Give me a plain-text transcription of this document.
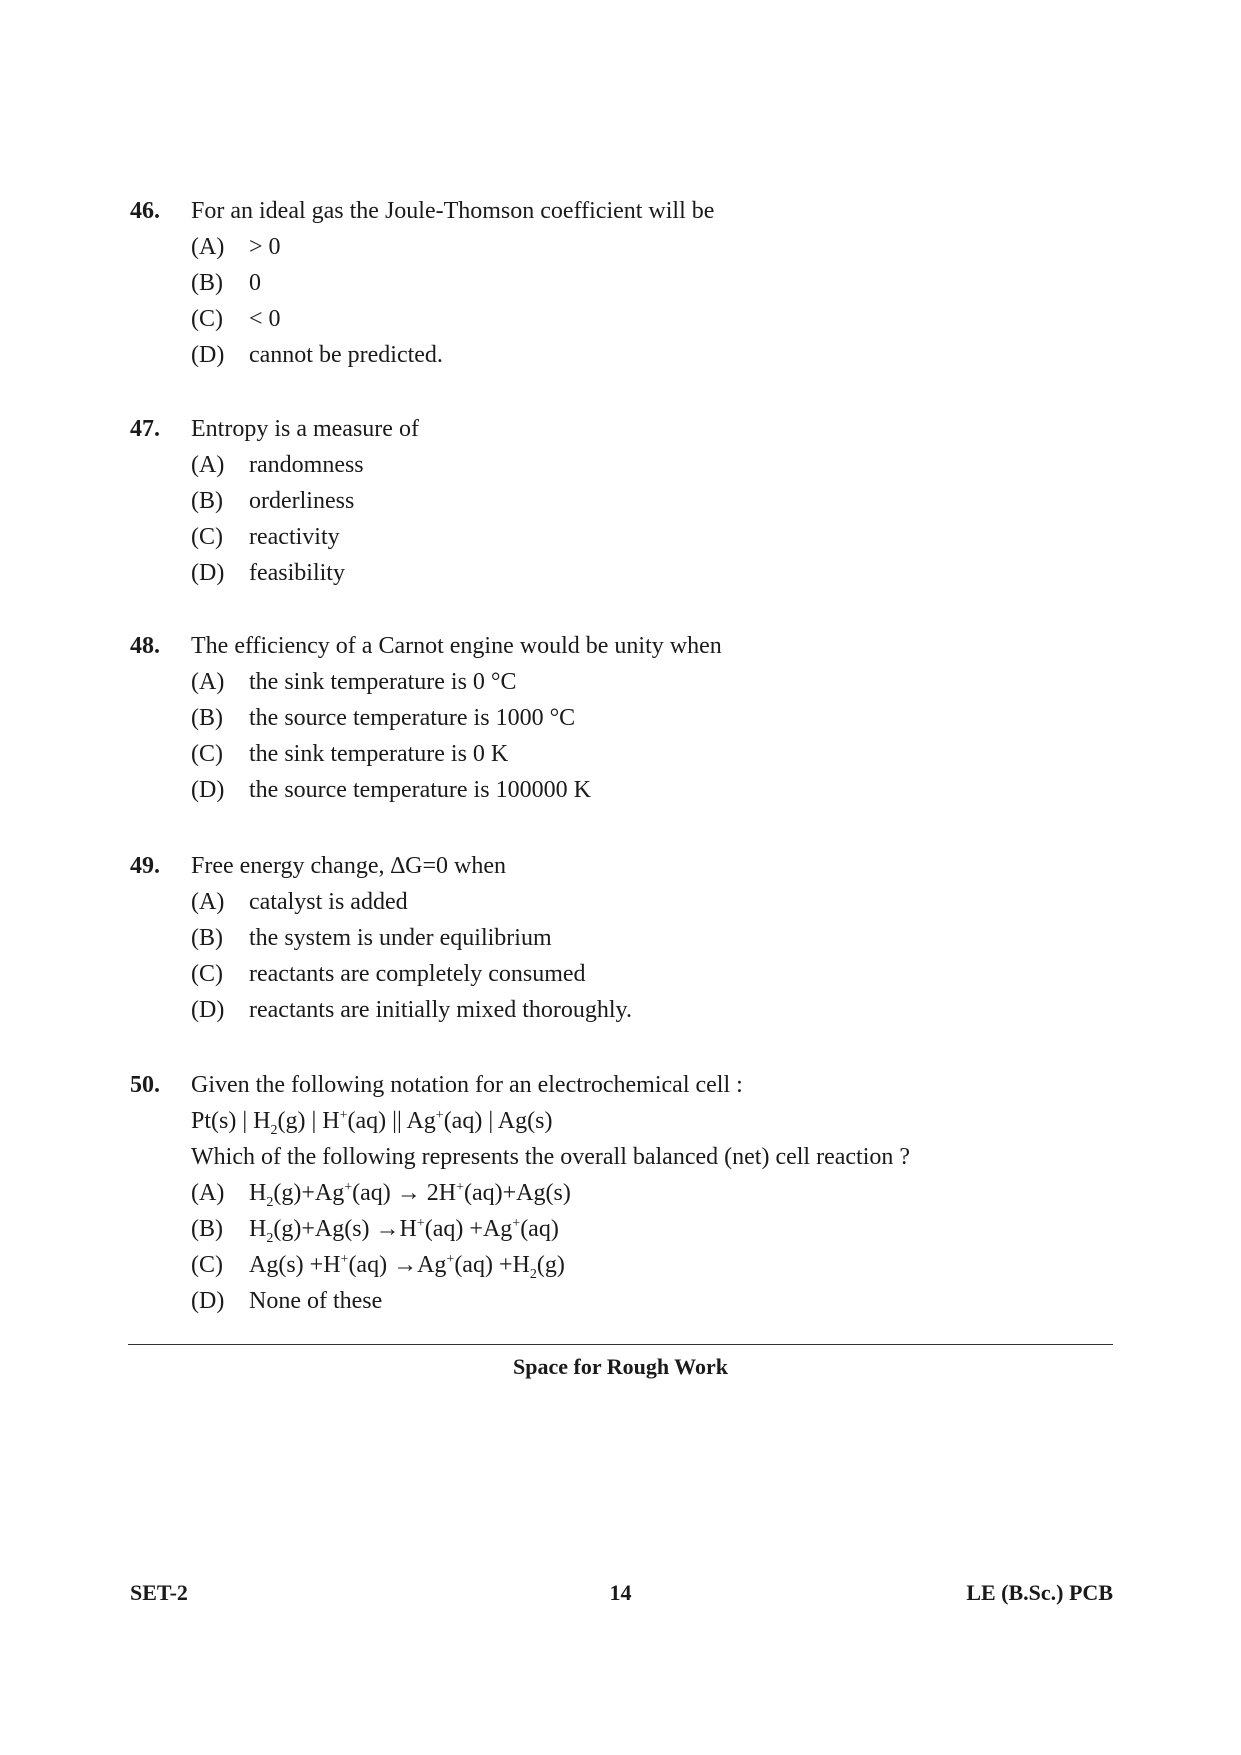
46. For an ideal gas the Joule-Thomson coefficient will be
(A) > 0
(B) 0
(C) < 0
(D) cannot be predicted.
47. Entropy is a measure of
(A) randomness
(B) orderliness
(C) reactivity
(D) feasibility
48. The efficiency of a Carnot engine would be unity when
(A) the sink temperature is 0 °C
(B) the source temperature is 1000 °C
(C) the sink temperature is 0 K
(D) the source temperature is 100000 K
49. Free energy change, ∆G=0 when
(A) catalyst is added
(B) the system is under equilibrium
(C) reactants are completely consumed
(D) reactants are initially mixed thoroughly.
50. Given the following notation for an electrochemical cell :
Pt(s) | $H_2(g)$ | H+(aq) || Ag+(aq) | Ag(s)
Which of the following represents the overall balanced (net) cell reaction ?
(A) $H_2(g)+Ag^+(aq) \to 2H^+(aq)+Ag(s)$
(B) $H_2(g)+Ag(s) \to H^+(aq) +Ag^+(aq)$
(C) $Ag(s) +H^+(aq) \to Ag^+(aq) +H_2(g)$
(D) None of these
Space for Rough Work
SET-2	14	LE (B.Sc.) PCB
